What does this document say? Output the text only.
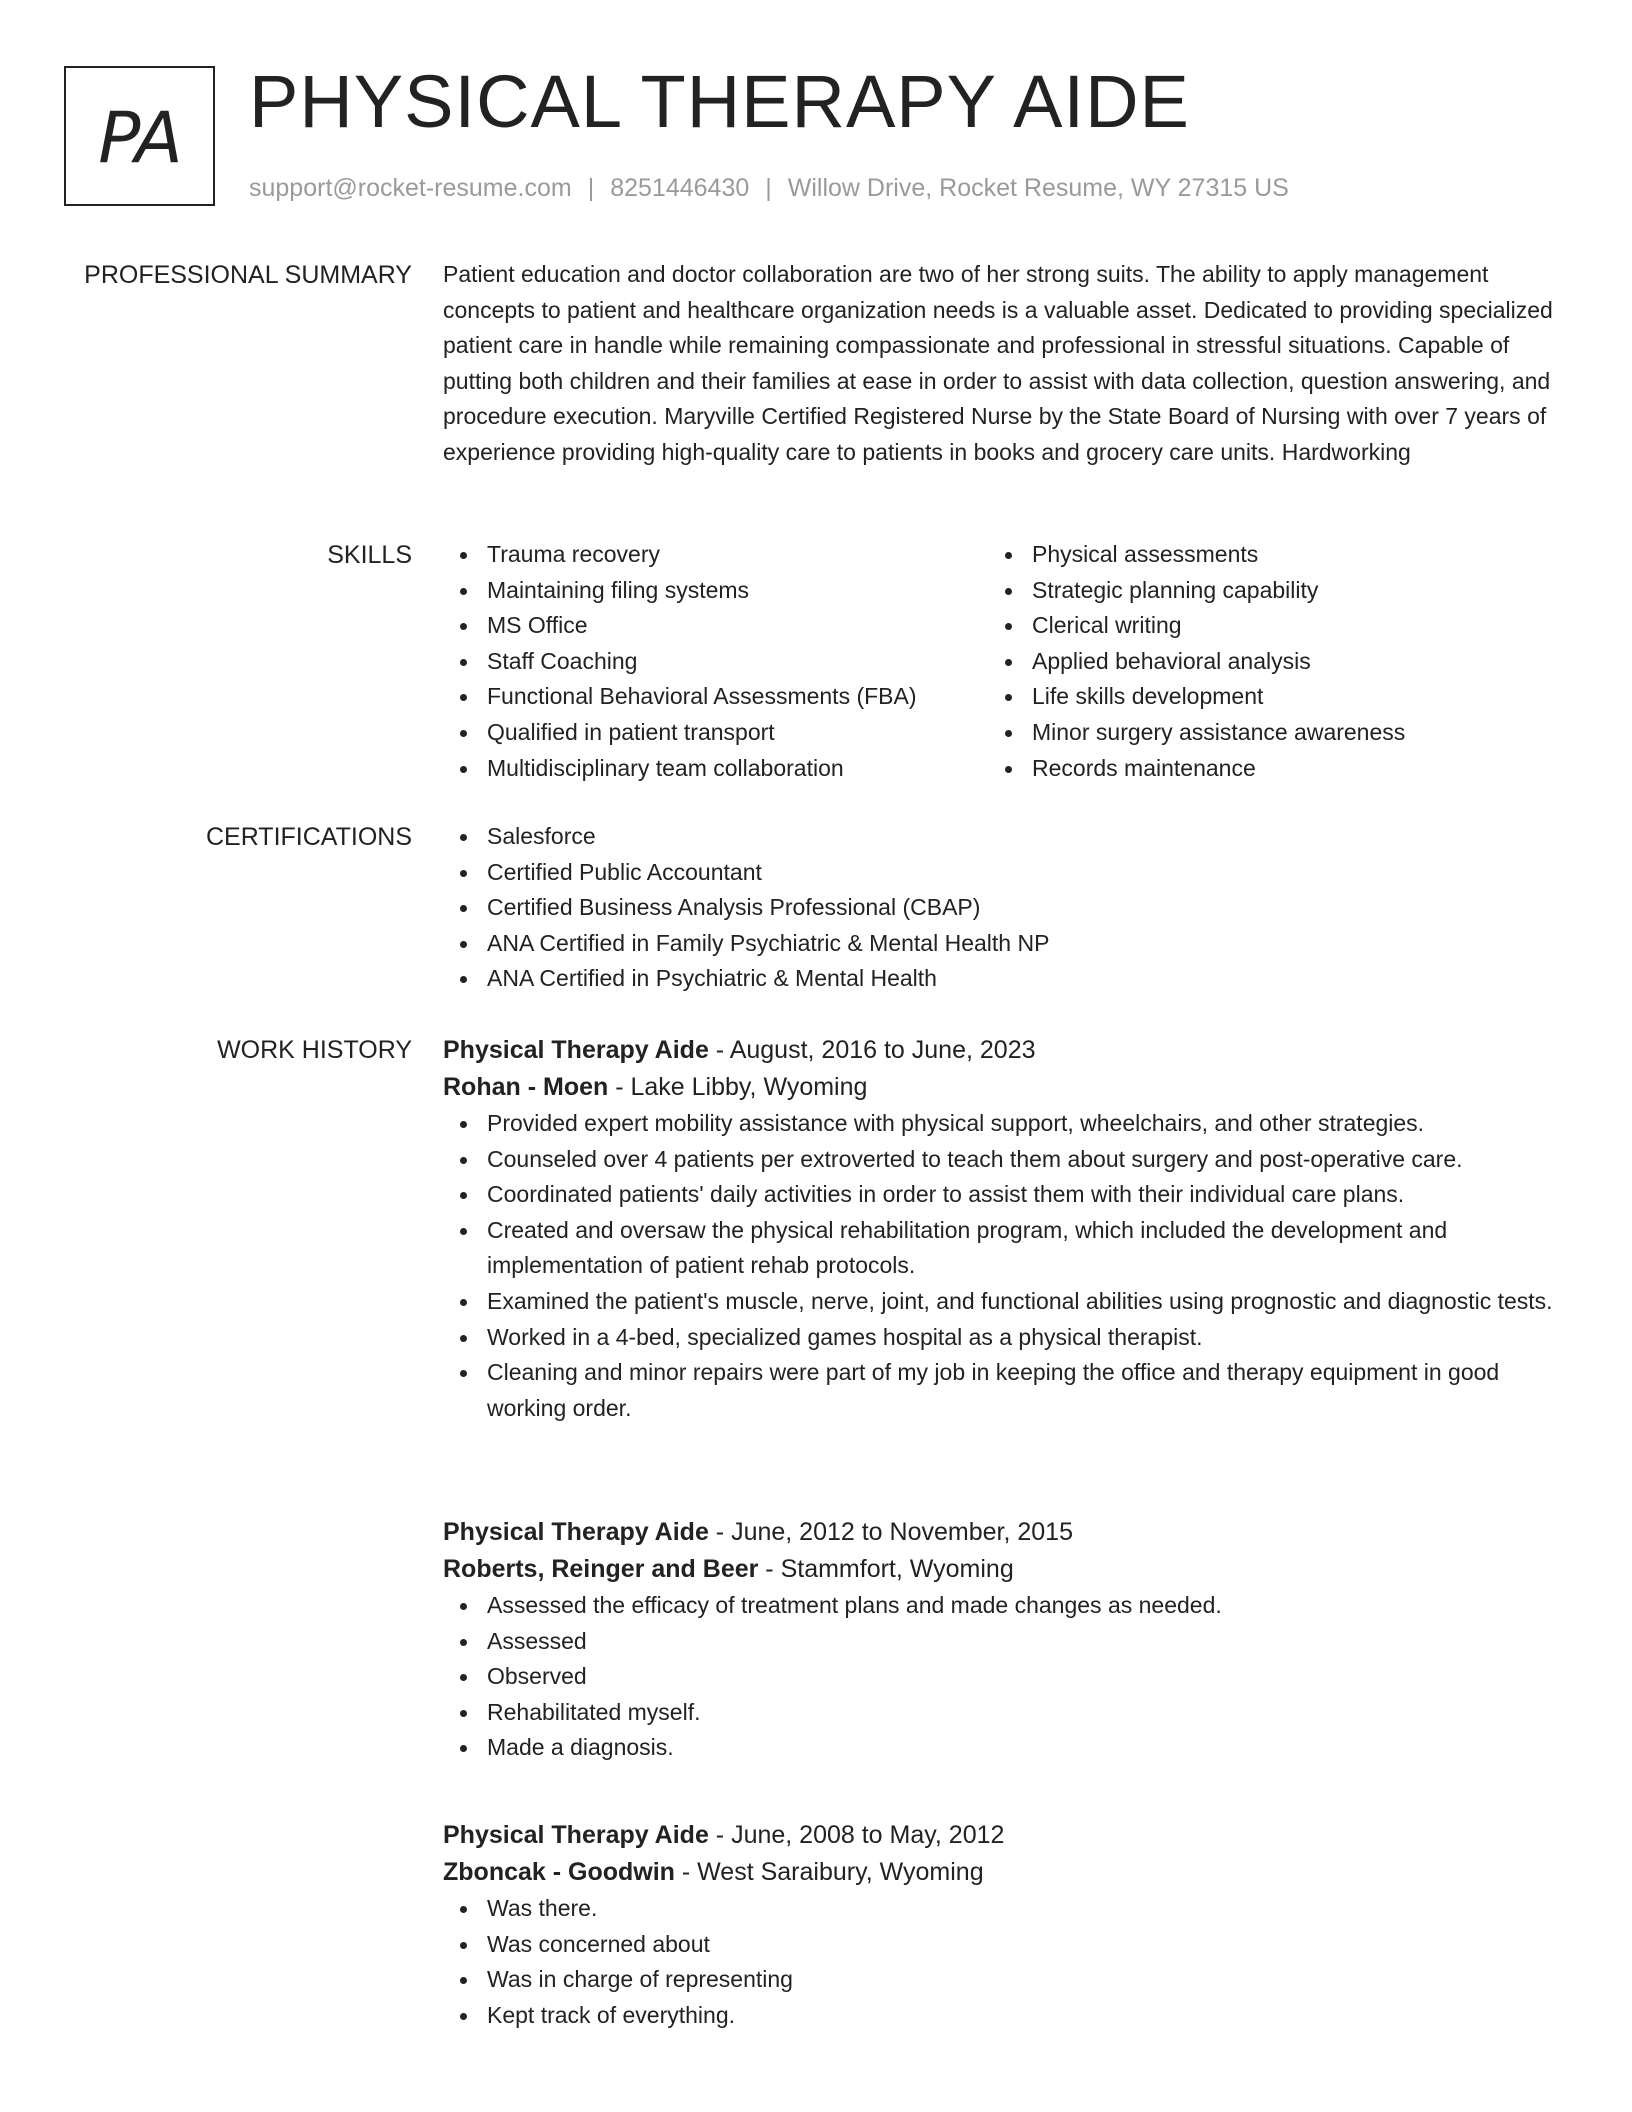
PA PHYSICAL THERAPY AIDE
support@rocket-resume.com | 8251446430 | Willow Drive, Rocket Resume, WY 27315 US
PROFESSIONAL SUMMARY Patient education and doctor collaboration are two of her strong suits. The ability to apply management concepts to patient and healthcare organization needs is a valuable asset. Dedicated to providing specialized patient care in handle while remaining compassionate and professional in stressful situations. Capable of putting both children and their families at ease in order to assist with data collection, question answering, and procedure execution. Maryville Certified Registered Nurse by the State Board of Nursing with over 7 years of experience providing high-quality care to patients in books and grocery care units. Hardworking

SKILLS	Trauma recovery
Maintaining filing systems
MS Office
Staff Coaching
Functional Behavioral Assessments (FBA)
Qualified in patient transport
Multidisciplinary team collaboration
Physical assessments
Strategic planning capability
Clerical writing
Applied behavioral analysis
Life skills development
Minor surgery assistance awareness
Records maintenance
CERTIFICATIONS	Salesforce
Certified Public Accountant
Certified Business Analysis Professional (CBAP)
ANA Certified in Family Psychiatric & Mental Health NP
ANA Certified in Psychiatric & Mental Health
WORK HISTORY Physical Therapy Aide - August, 2016 to June, 2023
Rohan - Moen - Lake Libby, Wyoming
Provided expert mobility assistance with physical support, wheelchairs, and other strategies.
Counseled over 4 patients per extroverted to teach them about surgery and post-operative care.
Coordinated patients' daily activities in order to assist them with their individual care plans.
Created and oversaw the physical rehabilitation program, which included the development and implementation of patient rehab protocols.
Examined the patient's muscle, nerve, joint, and functional abilities using prognostic and diagnostic tests.
Worked in a 4-bed, specialized games hospital as a physical therapist.
Cleaning and minor repairs were part of my job in keeping the office and therapy equipment in good working order.
Physical Therapy Aide - June, 2012 to November, 2015
Roberts, Reinger and Beer - Stammfort, Wyoming
Assessed the efficacy of treatment plans and made changes as needed.
Assessed
Observed
Rehabilitated myself.
Made a diagnosis.
Physical Therapy Aide - June, 2008 to May, 2012
Zboncak - Goodwin - West Saraibury, Wyoming
Was there.
Was concerned about
Was in charge of representing
Kept track of everything.
